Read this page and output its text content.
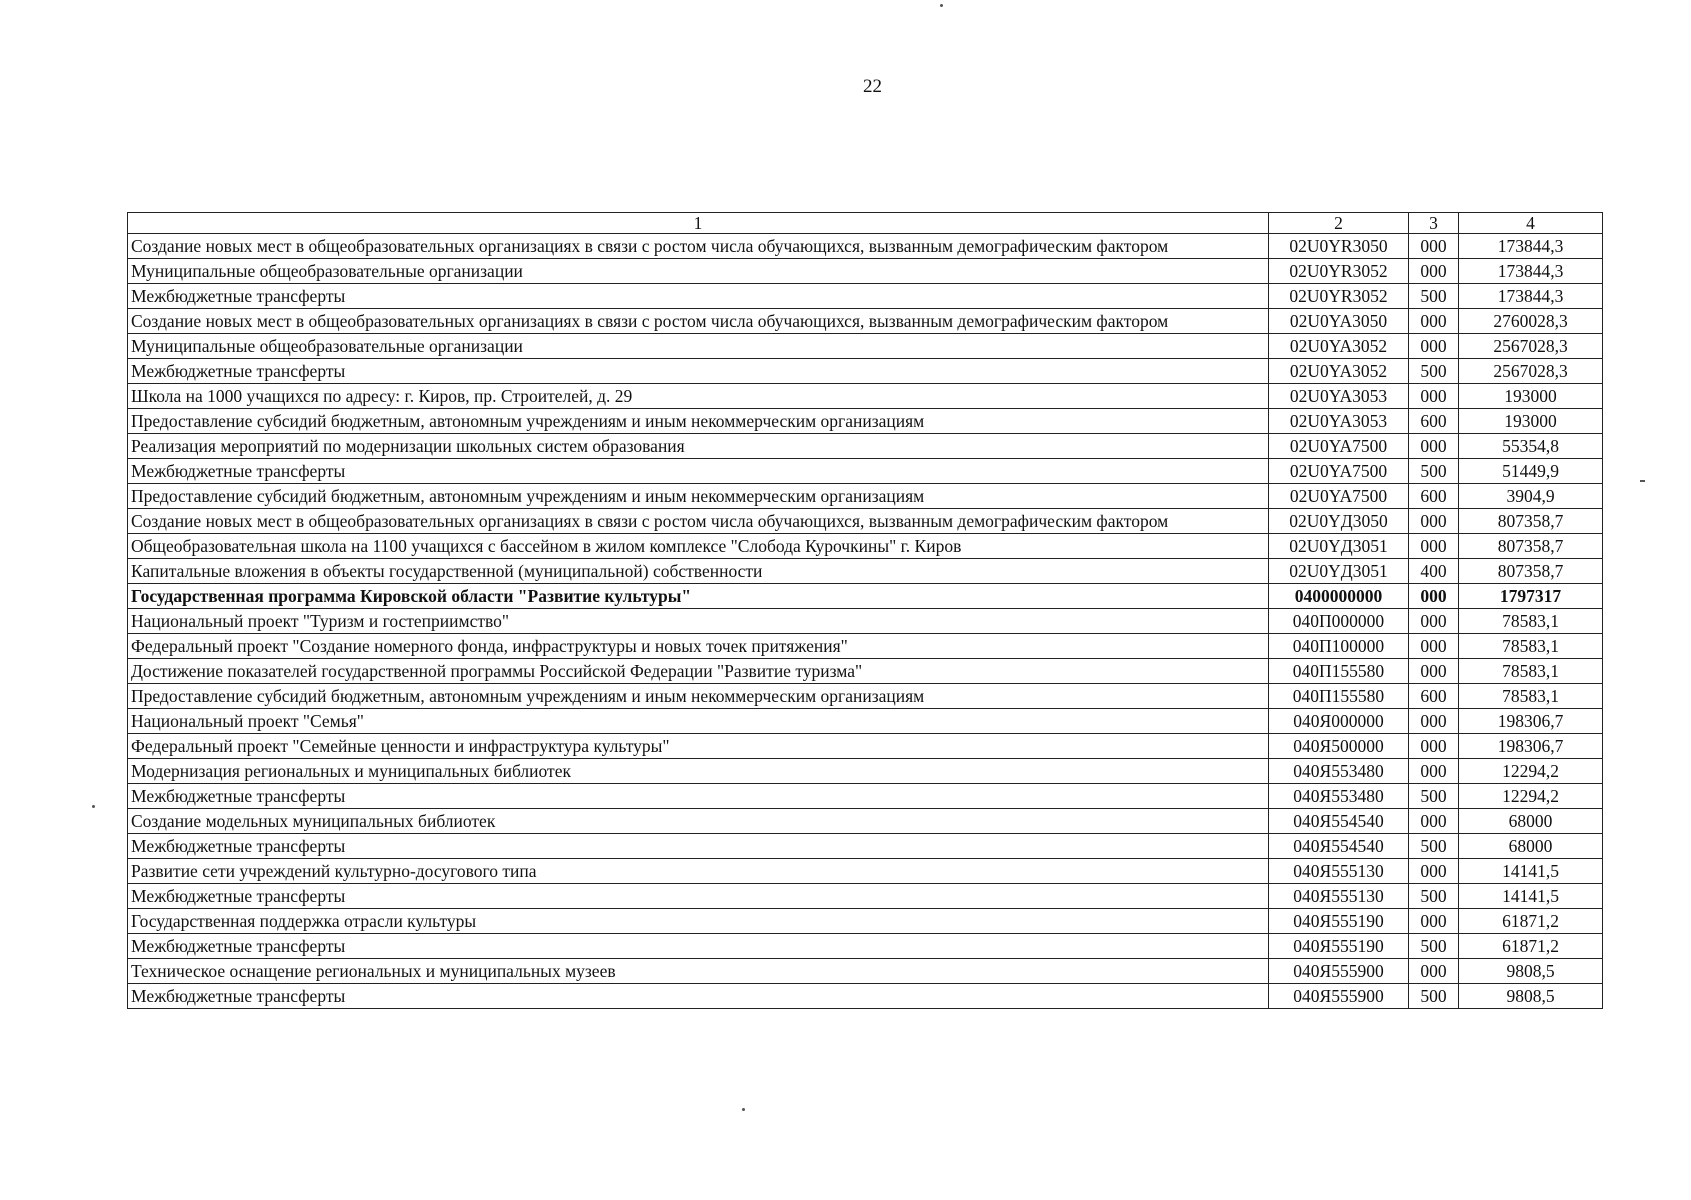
22
1	2	3	4
Создание новых мест в общеобразовательных организациях в связи с ростом числа обучающихся, вызванным демографическим фактором	02U0YR3050	000	173844,3
Муниципальные общеобразовательные организации	02U0YR3052	000	173844,3
Межбюджетные трансферты	02U0YR3052	500	173844,3
Создание новых мест в общеобразовательных организациях в связи с ростом числа обучающихся, вызванным демографическим фактором	02U0YA3050	000	2760028,3
Муниципальные общеобразовательные организации	02U0YA3052	000	2567028,3
Межбюджетные трансферты	02U0YA3052	500	2567028,3
Школа на 1000 учащихся по адресу: г. Киров, пр. Строителей, д. 29	02U0YA3053	000	193000
Предоставление субсидий бюджетным, автономным учреждениям и иным некоммерческим организациям	02U0YA3053	600	193000
Реализация мероприятий по модернизации школьных систем образования	02U0YA7500	000	55354,8
Межбюджетные трансферты	02U0YA7500	500	51449,9
Предоставление субсидий бюджетным, автономным учреждениям и иным некоммерческим организациям	02U0YA7500	600	3904,9
Создание новых мест в общеобразовательных организациях в связи с ростом числа обучающихся, вызванным демографическим фактором	02U0YД3050	000	807358,7
Общеобразовательная школа на 1100 учащихся с бассейном в жилом комплексе "Слобода Курочкины" г. Киров	02U0YД3051	000	807358,7
Капитальные вложения в объекты государственной (муниципальной) собственности	02U0YД3051	400	807358,7
Государственная программа Кировской области "Развитие культуры"	0400000000	000	1797317
Национальный проект "Туризм и гостеприимство"	040П000000	000	78583,1
Федеральный проект "Создание номерного фонда, инфраструктуры и новых точек притяжения"	040П100000	000	78583,1
Достижение показателей государственной программы Российской Федерации "Развитие туризма"	040П155580	000	78583,1
Предоставление субсидий бюджетным, автономным учреждениям и иным некоммерческим организациям	040П155580	600	78583,1
Национальный проект "Семья"	040Я000000	000	198306,7
Федеральный проект "Семейные ценности и инфраструктура культуры"	040Я500000	000	198306,7
Модернизация региональных и муниципальных библиотек	040Я553480	000	12294,2
Межбюджетные трансферты	040Я553480	500	12294,2
Создание модельных муниципальных библиотек	040Я554540	000	68000
Межбюджетные трансферты	040Я554540	500	68000
Развитие сети учреждений культурно-досугового типа	040Я555130	000	14141,5
Межбюджетные трансферты	040Я555130	500	14141,5
Государственная поддержка отрасли культуры	040Я555190	000	61871,2
Межбюджетные трансферты	040Я555190	500	61871,2
Техническое оснащение региональных и муниципальных музеев	040Я555900	000	9808,5
Межбюджетные трансферты	040Я555900	500	9808,5
